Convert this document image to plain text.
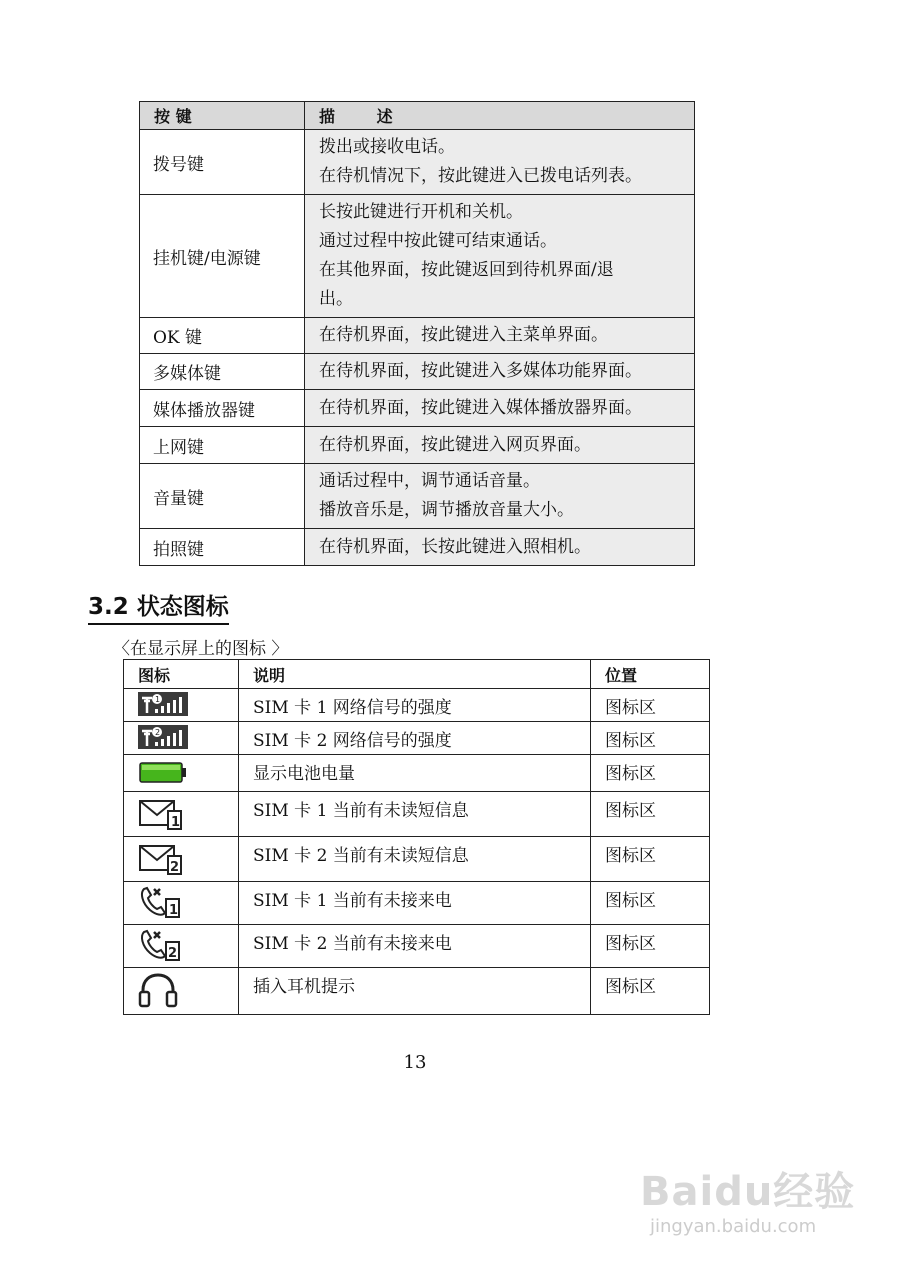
按 键	描 述
拨号键	拨出或接收电话。
在待机情况下，按此键进入已拨电话列表。

挂机键/电源键	长按此键进行开机和关机。
通过过程中按此键可结束通话。
在其他界面，按此键返回到待机界面/退
出。

OK 键	在待机界面，按此键进入主菜单界面。

多媒体键	在待机界面，按此键进入多媒体功能界面。

媒体播放器键	在待机界面，按此键进入媒体播放器界面。

上网键	在待机界面，按此键进入网页界面。

音量键	通话过程中，调节通话音量。
播放音乐是，调节播放音量大小。

拍照键	在待机界面，长按此键进入照相机。
3.2 状态图标
〈在显示屏上的图标 〉
图标	说明	位置

1	SIM 卡 1 网络信号的强度	图标区

2	SIM 卡 2 网络信号的强度	图标区
	显示电池电量	图标区

1	SIM 卡 1 当前有未读短信息	图标区

2	SIM 卡 2 当前有未读短信息	图标区

1	SIM 卡 1 当前有未接来电	图标区

2	SIM 卡 2 当前有未接来电	图标区
	插入耳机提示	图标区
13
Baidu经验
jingyan.baidu.com
